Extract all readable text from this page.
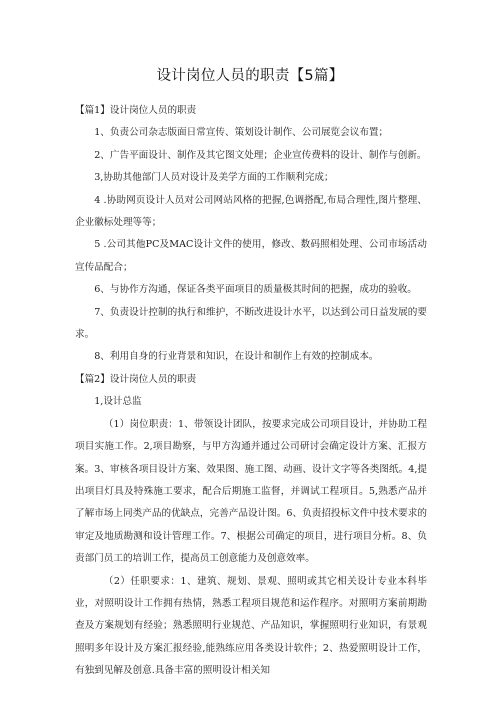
设计岗位人员的职责【5篇】

【篇1】设计岗位人员的职责

1、负责公司杂志版面日常宣传、策划设计制作、公司展览会议布置；

2、广告平面设计、制作及其它图文处理；企业宣传费料的设计、制作与创新。

3,协助其他部门人员对设计及美学方面的工作顺利完成；

4 .协助网页设计人员对公司网站风格的把握,色调搭配,布局合理性,图片整理、企业徽标处理等等；

5 .公司其他PC及MAC设计文件的使用，修改、数码照相处理、公司市场活动宣传品配合；

6、与协作方沟通，保证各类平面项目的质量极其时间的把握，成功的验收。

7、负责设计控制的执行和维护，不断改进设计水平，以达到公司日益发展的要求。

8、利用自身的行业背景和知识，在设计和制作上有效的控制成本。

【篇2】设计岗位人员的职责

1,设计总监

（1）岗位职责：1、带领设计团队，按要求完成公司项目设计，并协助工程项目实施工作。2,项目勘察，与甲方沟通并通过公司研讨会确定设计方案、汇报方案。3、审核各项目设计方案、效果图、施工图、动画、设计文字等各类图纸。4,提出项目灯具及特殊施工要求，配合后期施工监督，并调试工程项目。5,熟悉产品并了解市场上同类产品的优缺点，完善产品设计图。6、负责招投标文件中技术要求的审定及地质勘测和设计管理工作。7、根据公司确定的项目，进行项目分析。8、负责部门员工的培训工作，提高员工创意能力及创意效率。

（2）任职要求：1、建筑、规划、景观、照明或其它相关设计专业本科毕业，对照明设计工作拥有热情，熟悉工程项目规范和运作程序。对照明方案前期勘查及方案规划有经验；熟悉照明行业规范、产品知识，掌握照明行业知识，有景观照明多年设计及方案汇报经验,能熟练应用各类设计软件；2、热爱照明设计工作，有独到见解及创意.具备丰富的照明设计相关知
